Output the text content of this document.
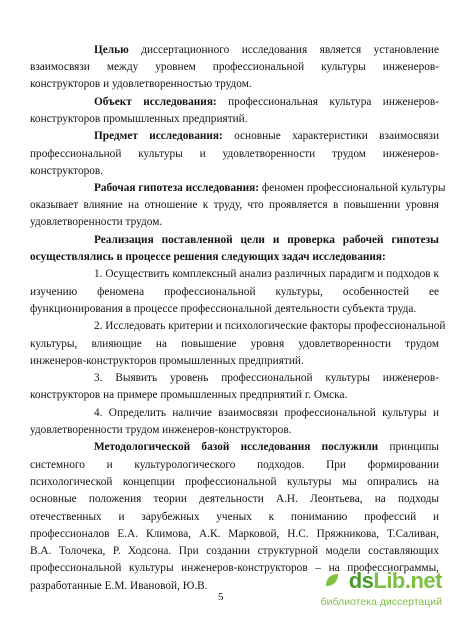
Целью диссертационного исследования является установление
взаимосвязи между уровнем профессиональной культуры инженеров-
конструкторов и удовлетворенностью трудом.
Объект исследования: профессиональная культура инженеров-
конструкторов промышленных предприятий.
Предмет исследования: основные характеристики взаимосвязи
профессиональной культуры и удовлетворенности трудом инженеров-
конструкторов.
Рабочая гипотеза исследования: феномен профессиональной культуры
оказывает влияние на отношение к труду, что проявляется в повышении уровня
удовлетворенности трудом.
Реализация поставленной цели и проверка рабочей гипотезы
осуществлялись в процессе решения следующих задач исследования:
1. Осуществить комплексный анализ различных парадигм и подходов к
изучению феномена профессиональной культуры, особенностей ее
функционирования в процессе профессиональной деятельности субъекта труда.
2. Исследовать критерии и психологические факторы профессиональной
культуры, влияющие на повышение уровня удовлетворенности трудом
инженеров-конструкторов промышленных предприятий.
3. Выявить уровень профессиональной культуры инженеров-
конструкторов на примере промышленных предприятий г. Омска.
4. Определить наличие взаимосвязи профессиональной культуры и
удовлетворенности трудом инженеров-конструкторов.
Методологической базой исследования послужили принципы
системного и культурологического подходов. При формировании
психологической концепции профессиональной культуры мы опирались на
основные положения теории деятельности А.Н. Леонтьева, на подходы
отечественных и зарубежных ученых к пониманию профессий и
профессионалов Е.А. Климова, А.К. Марковой, Н.С. Пряжникова, Т.Саливан,
В.А. Толочека, Р. Ходсона. При создании структурной модели составляющих
профессиональной культуры инженеров-конструкторов – на профессиограммы,
разработанные Е.М. Ивановой, Ю.В.
5
dsLib.net
библиотека диссертаций
